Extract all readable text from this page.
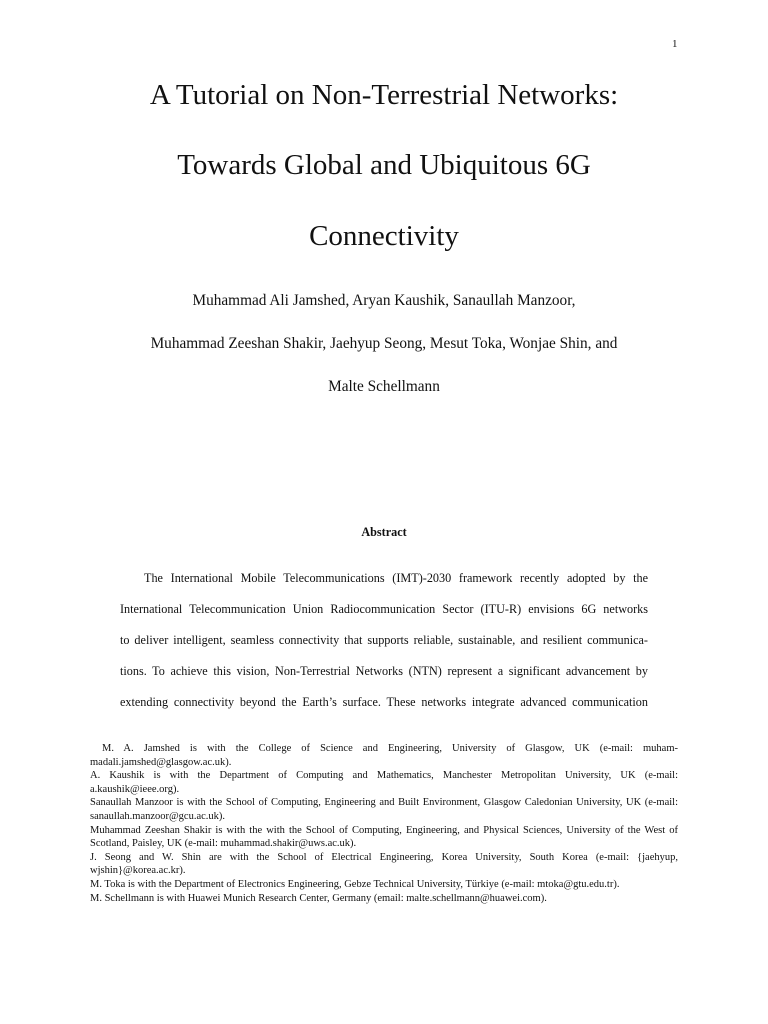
1
A Tutorial on Non-Terrestrial Networks:
Towards Global and Ubiquitous 6G
Connectivity
Muhammad Ali Jamshed, Aryan Kaushik, Sanaullah Manzoor,
Muhammad Zeeshan Shakir, Jaehyup Seong, Mesut Toka, Wonjae Shin, and
Malte Schellmann
Abstract
The International Mobile Telecommunications (IMT)-2030 framework recently adopted by the
International Telecommunication Union Radiocommunication Sector (ITU-R) envisions 6G networks
to deliver intelligent, seamless connectivity that supports reliable, sustainable, and resilient communica-
tions. To achieve this vision, Non-Terrestrial Networks (NTN) represent a significant advancement by
extending connectivity beyond the Earth’s surface. These networks integrate advanced communication
M. A. Jamshed is with the College of Science and Engineering, University of Glasgow, UK (e-mail: muham-madali.jamshed@glasgow.ac.uk).
A. Kaushik is with the Department of Computing and Mathematics, Manchester Metropolitan University, UK (e-mail: a.kaushik@ieee.org).
Sanaullah Manzoor is with the School of Computing, Engineering and Built Environment, Glasgow Caledonian University, UK (e-mail: sanaullah.manzoor@gcu.ac.uk).
Muhammad Zeeshan Shakir is with the with the School of Computing, Engineering, and Physical Sciences, University of the West of Scotland, Paisley, UK (e-mail: muhammad.shakir@uws.ac.uk).
J. Seong and W. Shin are with the School of Electrical Engineering, Korea University, South Korea (e-mail: {jaehyup, wjshin}@korea.ac.kr).
M. Toka is with the Department of Electronics Engineering, Gebze Technical University, Türkiye (e-mail: mtoka@gtu.edu.tr).
M. Schellmann is with Huawei Munich Research Center, Germany (email: malte.schellmann@huawei.com).
